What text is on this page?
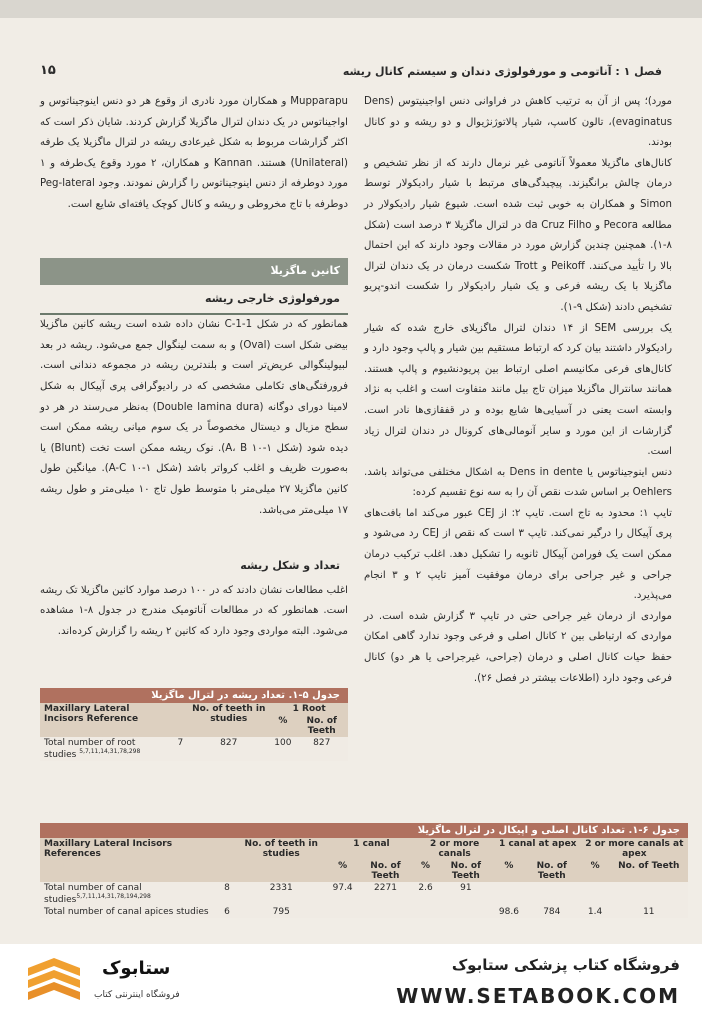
۱۵	فصل ۱ : آناتومی و مورفولوژی دندان و سیستم کانال ریشه

مورد)؛ پس از آن به ترتیب کاهش در فراوانی دنس اواجینیتوس (Dens evaginatus)، تالون کاسپ، شیار پالاتوژنژیوال و دو ریشه و دو کانال بودند.

کانال‌های ماگزیلا معمولاً آناتومی غیر نرمال دارند که از نظر تشخیص و درمان چالش برانگیزند. پیچیدگی‌های مرتبط با شیار رادیکولار توسط Simon و همکاران به خوبی ثبت شده است. شیوع شیار رادیکولار در مطالعه Pecora و da Cruz Filho در لترال ماگزیلا ۳ درصد است (شکل ۸-۱). همچنین چندین گزارش مورد در مقالات وجود دارند که این احتمال بالا را تأیید می‌کنند. Peikoff و Trott شکست درمان در یک دندان لترال ماگزیلا با یک ریشه فرعی و یک شیار رادیکولار را شکست اندو-پریو تشخیص دادند (شکل ۹-۱).

یک بررسی SEM از ۱۴ دندان لترال ماگزیلای خارج شده که شیار رادیکولار داشتند بیان کرد که ارتباط مستقیم بین شیار و پالپ وجود دارد و کانال‌های فرعی مکانیسم اصلی ارتباط بین پریودنشیوم و پالپ هستند. همانند سانترال ماگزیلا میزان تاج بیل مانند متفاوت است و اغلب به نژاد وابسته است یعنی در آسیایی‌ها شایع بوده و در قفقازی‌ها نادر است. گزارشات از این مورد و سایر آنومالی‌های کرونال در دندان لترال زیاد است.

دنس اینوجیناتوس یا Dens in dente به اشکال مختلفی می‌تواند باشد. Oehlers بر اساس شدت نقص آن را به سه نوع تقسیم کرده:

تایپ ۱: محدود به تاج است. تایپ ۲: از CEJ عبور می‌کند اما بافت‌های پری آپیکال را درگیر نمی‌کند. تایپ ۳ است که نقص از CEJ رد می‌شود و ممکن است یک فورامن آپیکال ثانویه را تشکیل دهد. اغلب ترکیب درمان جراحی و غیر جراحی برای درمان موفقیت آمیز تایپ ۲ و ۳ انجام می‌پذیرد.

مواردی از درمان غیر جراحی حتی در تایپ ۳ گزارش شده است. در مواردی که ارتباطی بین ۲ کانال اصلی و فرعی وجود ندارد گاهی امکان حفظ حیات کانال اصلی و درمان (جراحی، غیرجراحی یا هر دو) کانال فرعی وجود دارد (اطلاعات بیشتر در فصل ۲۶).

Mupparapu و همکاران مورد نادری از وقوع هر دو دنس اینوجیناتوس و اواجیناتوس در یک دندان لترال ماگزیلا گزارش کردند. شایان ذکر است که اکثر گزارشات مربوط به شکل غیرعادی ریشه در لترال ماگزیلا یک طرفه (Unilateral) هستند. Kannan و همکاران، ۲ مورد وقوع یک‌طرفه و ۱ مورد دوطرفه از دنس اینوجیناتوس را گزارش نمودند. وجود Peg-lateral دوطرفه با تاج مخروطی و ریشه و کانال کوچک یافته‌ای شایع است.

کانین ماگزیلا
مورفولوژی خارجی ریشه

همانطور که در شکل C-1-1 نشان داده شده است ریشه کانین ماگزیلا بیضی شکل است (Oval) و به سمت لینگوال جمع می‌شود. ریشه در بعد لبیولینگوالی عریض‌تر است و بلندترین ریشه در مجموعه دندانی است. فرورفتگی‌های تکاملی مشخصی که در رادیوگرافی پری آپیکال به شکل لامینا دورای دوگانه (Double lamina dura) به‌نظر می‌رسند در هر دو سطح مزیال و دیستال مخصوصاً در یک سوم میانی ریشه ممکن است دیده شود (شکل A، B ۱۰-۱). نوک ریشه ممکن است تخت (Blunt) یا به‌صورت ظریف و اغلب کرواتر باشد (شکل A-C ۱۰-۱). میانگین طول کانین ماگزیلا ۲۷ میلی‌متر با متوسط طول تاج ۱۰ میلی‌متر و طول ریشه ۱۷ میلی‌متر می‌باشد.

تعداد و شکل ریشه

اغلب مطالعات نشان دادند که در ۱۰۰ درصد موارد کانین ماگزیلا تک ریشه است. همانطور که در مطالعات آناتومیک مندرج در جدول ۸-۱ مشاهده می‌شود. البته مواردی وجود دارد که کانین ۲ ریشه را گزارش کرده‌اند.

جدول ۵-۱. تعداد ریشه در لترال ماگزیلا
Maxillary Lateral Incisors Reference		No. of teeth in studies	1 Root	
			%	No. of Teeth
Total number of root studies $^{5,7,11,14,31,78,298}$	7	827	100	827
جدول ۶-۱. تعداد کانال اصلی و اپیکال در لترال ماگزیلا
Maxillary Lateral Incisors References		No. of teeth in studies	1 canal		2 or more canals		1 canal at apex		2 or more canals at apex	
			%	No. of Teeth	%	No. of Teeth	%	No. of Teeth	%	No. of Teeth
Total number of canal studies$^{5,7,11,14,31,78,194,298}$	8	2331	97.4	2271	2.6	91				
Total number of canal apices studies	6	795					98.6	784	1.4	11
ستابوک
فروشگاه اینترنتی کتاب
فروشگاه کتاب پزشکی ستابوک
WWW.SETABOOK.COM
